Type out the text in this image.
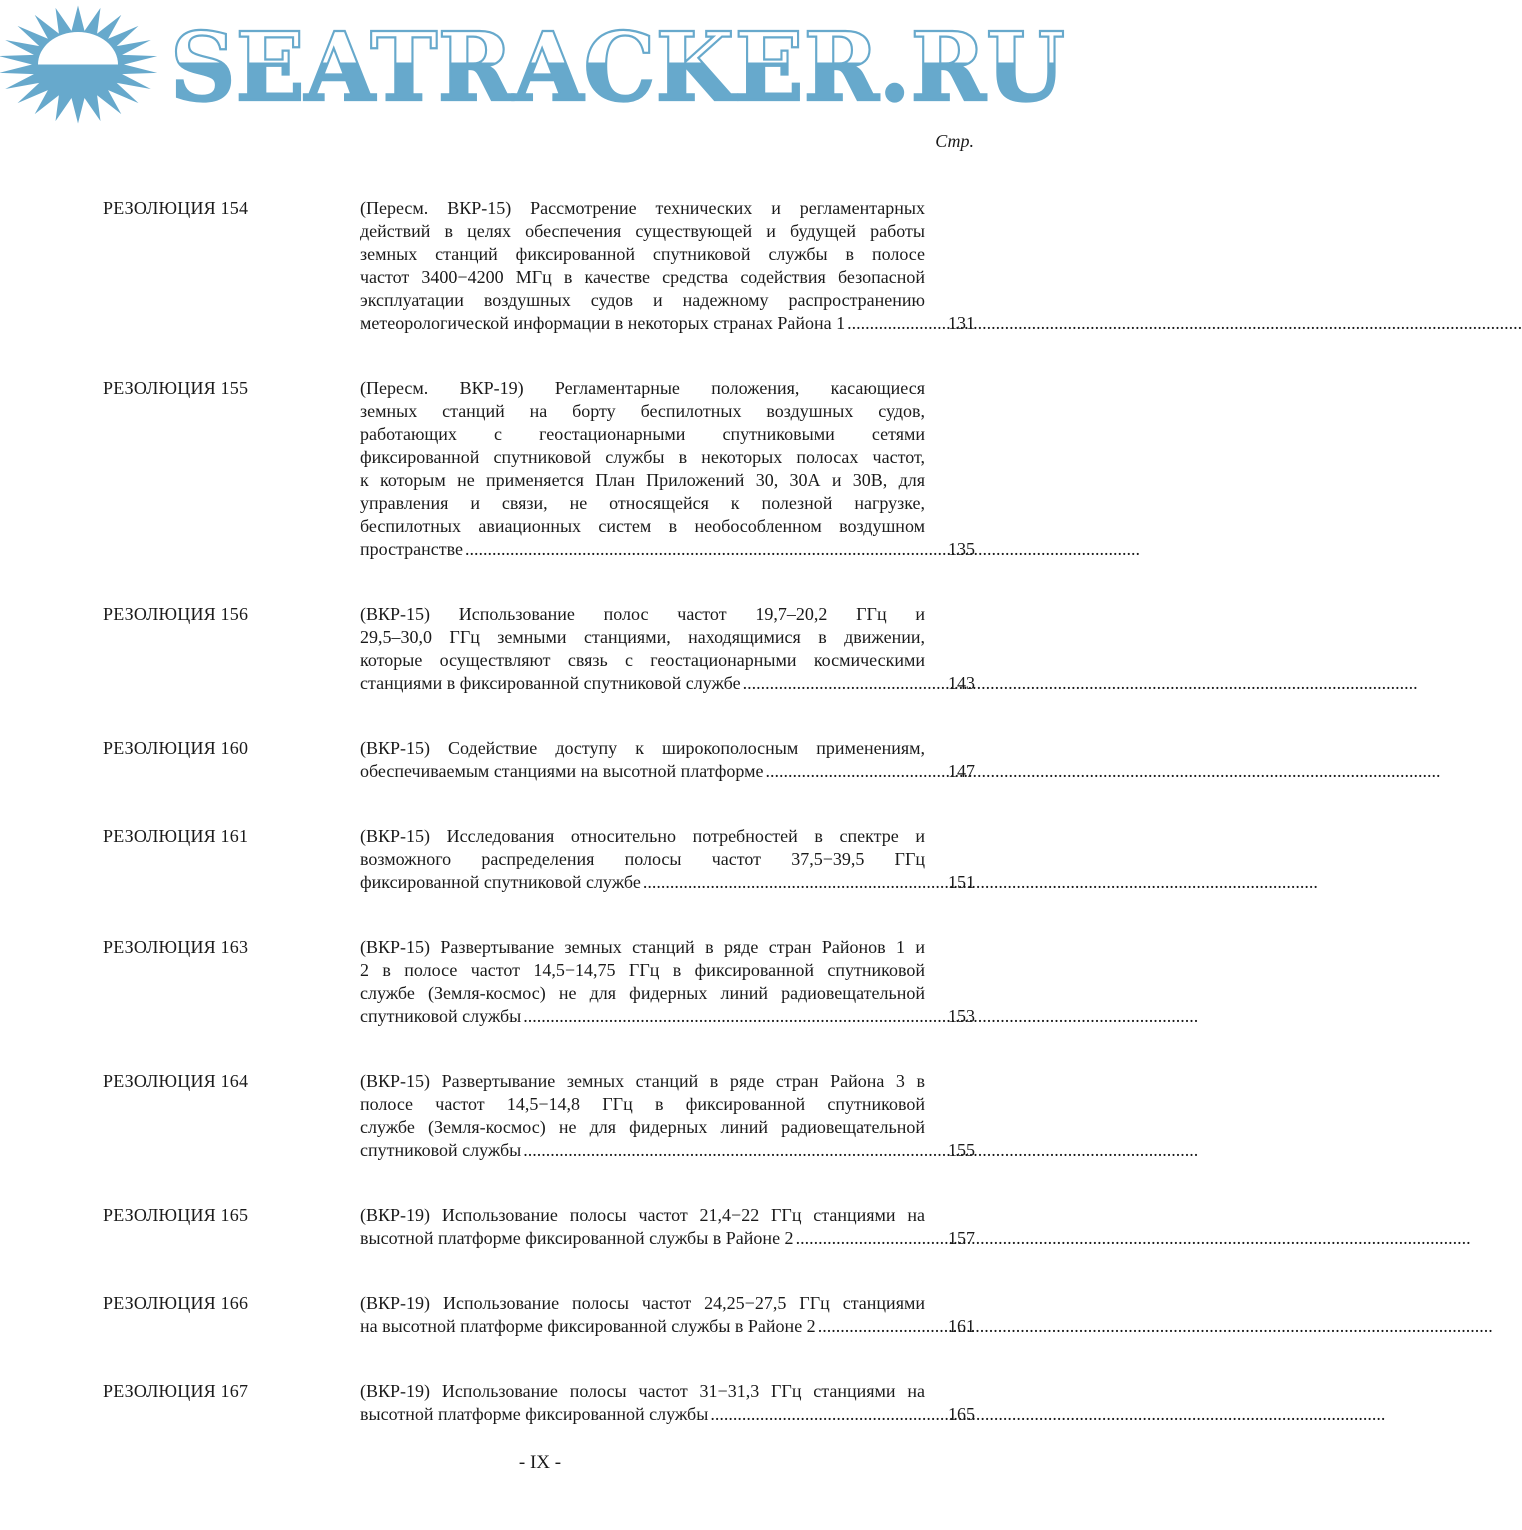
SEATRACKER.RU
Стр.
РЕЗОЛЮЦИЯ 154	(Пересм. ВКР-15) Рассмотрение технических и регламентарных
действий в целях обеспечения существующей и будущей работы
земных станций фиксированной спутниковой службы в полосе
частот 3400−4200 МГц в качестве средства содействия безопасной
эксплуатации воздушных судов и надежному распространению
метеорологической информации в некоторых странах Района 1 .....	131
РЕЗОЛЮЦИЯ 155	(Пересм. ВКР-19) Регламентарные положения, касающиеся
земных станций на борту беспилотных воздушных судов,
работающих с геостационарными спутниковыми сетями
фиксированной спутниковой службы в некоторых полосах частот,
к которым не применяется План Приложений 30, 30А и 30В, для
управления и связи, не относящейся к полезной нагрузке,
беспилотных авиационных систем в необособленном воздушном
пространстве .....	135
РЕЗОЛЮЦИЯ 156	(ВКР-15) Использование полос частот 19,7–20,2 ГГц и
29,5–30,0 ГГц земными станциями, находящимися в движении,
которые осуществляют связь с геостационарными космическими
станциями в фиксированной спутниковой службе .....	143
РЕЗОЛЮЦИЯ 160	(ВКР-15) Содействие доступу к широкополосным применениям,
обеспечиваемым станциями на высотной платформе .....	147
РЕЗОЛЮЦИЯ 161	(ВКР-15) Исследования относительно потребностей в спектре и
возможного распределения полосы частот 37,5−39,5 ГГц
фиксированной спутниковой службе .....	151
РЕЗОЛЮЦИЯ 163	(ВКР-15) Развертывание земных станций в ряде стран Районов 1 и
2 в полосе частот 14,5−14,75 ГГц в фиксированной спутниковой
службе (Земля-космос) не для фидерных линий радиовещательной
спутниковой службы .....	153
РЕЗОЛЮЦИЯ 164	(ВКР-15) Развертывание земных станций в ряде стран Района 3 в
полосе частот 14,5−14,8 ГГц в фиксированной спутниковой
службе (Земля-космос) не для фидерных линий радиовещательной
спутниковой службы .....	155
РЕЗОЛЮЦИЯ 165	(ВКР-19) Использование полосы частот 21,4−22 ГГц станциями на
высотной платформе фиксированной службы в Районе 2 .....	157
РЕЗОЛЮЦИЯ 166	(ВКР-19) Использование полосы частот 24,25−27,5 ГГц станциями
на высотной платформе фиксированной службы в Районе 2 .....	161
РЕЗОЛЮЦИЯ 167	(ВКР-19) Использование полосы частот 31−31,3 ГГц станциями на
высотной платформе фиксированной службы .....	165
- IX -
